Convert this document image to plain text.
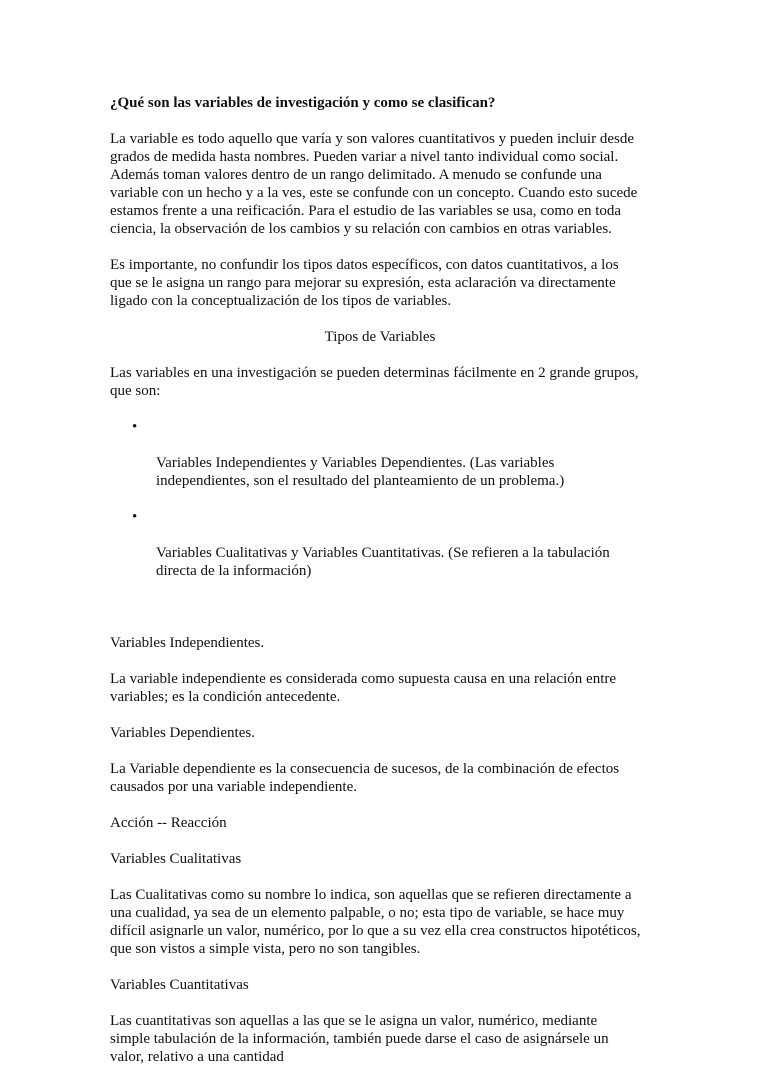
¿Qué son las variables de investigación y como se clasifican?

La variable es todo aquello que varía y son valores cuantitativos y pueden incluir desde
grados de medida hasta nombres. Pueden variar a nivel tanto individual como social.
Además toman valores dentro de un rango delimitado. A menudo se confunde una
variable con un hecho y a la ves, este se confunde con un concepto. Cuando esto sucede
estamos frente a una reificación. Para el estudio de las variables se usa, como en toda
ciencia, la observación de los cambios y su relación con cambios en otras variables.

Es importante, no confundir los tipos datos específicos, con datos cuantitativos, a los
que se le asigna un rango para mejorar su expresión, esta aclaración va directamente
ligado con la conceptualización de los tipos de variables.

Tipos de Variables

Las variables en una investigación se pueden determinas fácilmente en 2 grande grupos,
que son:

•

Variables Independientes y Variables Dependientes. (Las variables
independientes, son el resultado del planteamiento de un problema.)

•

Variables Cualitativas y Variables Cuantitativas. (Se refieren a la tabulación
directa de la información)

Variables Independientes.

La variable independiente es considerada como supuesta causa en una relación entre
variables; es la condición antecedente.

Variables Dependientes.

La Variable dependiente es la consecuencia de sucesos, de la combinación de efectos
causados por una variable independiente.

Acción -- Reacción

Variables Cualitativas

Las Cualitativas como su nombre lo indica, son aquellas que se refieren directamente a
una cualidad, ya sea de un elemento palpable, o no; esta tipo de variable, se hace muy
difícil asignarle un valor, numérico, por lo que a su vez ella crea constructos hipotéticos,
que son vistos a simple vista, pero no son tangibles.

Variables Cuantitativas

Las cuantitativas son aquellas a las que se le asigna un valor, numérico, mediante
simple tabulación de la información, también puede darse el caso de asignársele un
valor, relativo a una cantidad
